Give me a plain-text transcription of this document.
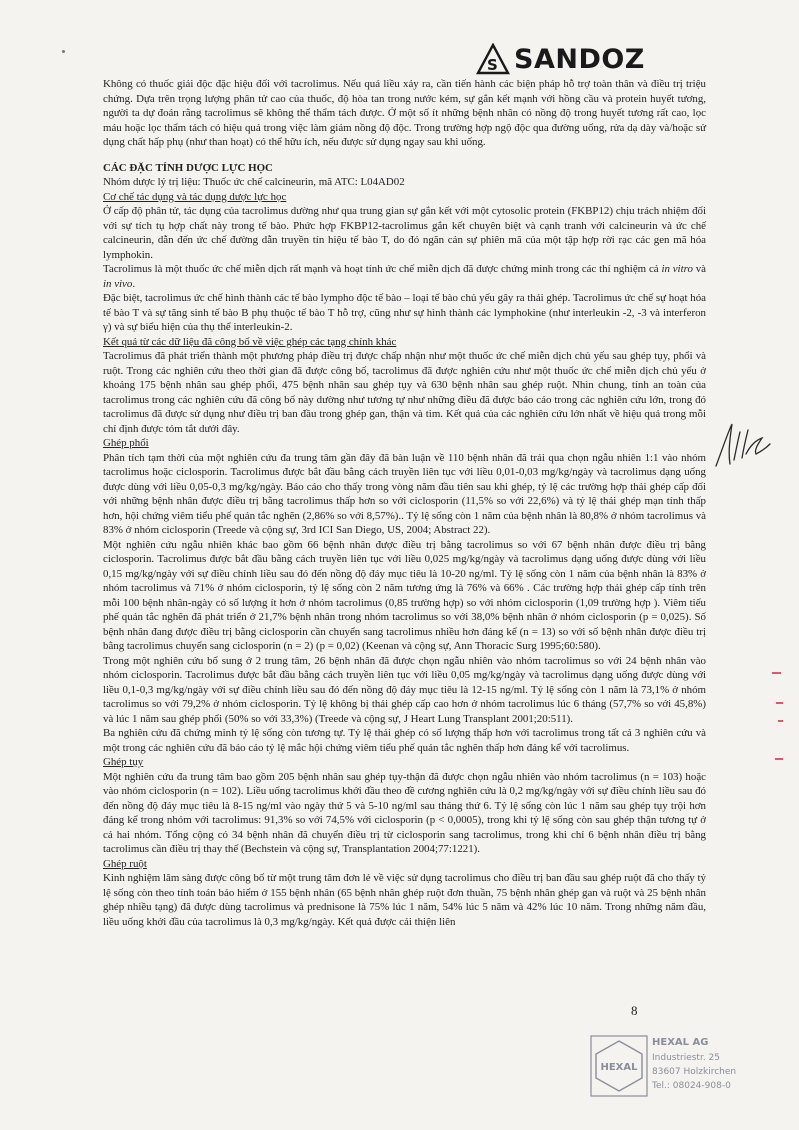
S SANDOZ

Không có thuốc giải độc đặc hiệu đối với tacrolimus. Nếu quá liều xảy ra, cần tiến hành các biện pháp hỗ trợ toàn thân và điều trị triệu chứng. Dựa trên trọng lượng phân tử cao của thuốc, độ hòa tan trong nước kém, sự gắn kết mạnh với hồng cầu và protein huyết tương, người ta dự đoán rằng tacrolimus sẽ không thể thẩm tách được. Ở một số ít những bệnh nhân có nồng độ trong huyết tương rất cao, lọc máu hoặc lọc thẩm tách có hiệu quả trong việc làm giảm nồng độ độc. Trong trường hợp ngộ độc qua đường uống, rửa dạ dày và/hoặc sử dụng chất hấp phụ (như than hoạt) có thể hữu ích, nếu được sử dụng ngay sau khi uống.

CÁC ĐẶC TÍNH DƯỢC LỰC HỌC

Nhóm dược lý trị liệu: Thuốc ức chế calcineurin, mã ATC: L04AD02

Cơ chế tác dụng và tác dụng dược lực học

Ở cấp độ phân tử, tác dụng của tacrolimus dường như qua trung gian sự gắn kết với một cytosolic protein (FKBP12) chịu trách nhiệm đối với sự tích tụ hợp chất này trong tế bào. Phức hợp FKBP12-tacrolimus gắn kết chuyên biệt và cạnh tranh với calcineurin và ức chế calcineurin, dẫn đến ức chế đường dẫn truyền tín hiệu tế bào T, do đó ngăn cản sự phiên mã của một tập hợp rời rạc các gen mã hóa lymphokin.

Tacrolimus là một thuốc ức chế miễn dịch rất mạnh và hoạt tính ức chế miễn dịch đã được chứng minh trong các thí nghiệm cả in vitro và in vivo.

Đặc biệt, tacrolimus ức chế hình thành các tế bào lympho độc tế bào – loại tế bào chủ yếu gây ra thải ghép. Tacrolimus ức chế sự hoạt hóa tế bào T và sự tăng sinh tế bào B phụ thuộc tế bào T hỗ trợ, cũng như sự hình thành các lymphokine (như interleukin -2, -3 và interferon γ) và sự biểu hiện của thụ thể interleukin-2.

Kết quả từ các dữ liệu đã công bố về việc ghép các tạng chính khác

Tacrolimus đã phát triển thành một phương pháp điều trị được chấp nhận như một thuốc ức chế miễn dịch chủ yếu sau ghép tụy, phổi và ruột. Trong các nghiên cứu theo thời gian đã được công bố, tacrolimus đã được nghiên cứu như một thuốc ức chế miễn dịch chủ yếu ở khoảng 175 bệnh nhân sau ghép phổi, 475 bệnh nhân sau ghép tụy và 630 bệnh nhân sau ghép ruột. Nhìn chung, tính an toàn của tacrolimus trong các nghiên cứu đã công bố này dường như tương tự như những điều đã được báo cáo trong các nghiên cứu lớn, trong đó tacrolimus đã được sử dụng như điều trị ban đầu trong ghép gan, thận và tim. Kết quả của các nghiên cứu lớn nhất về hiệu quả trong mỗi chỉ định được tóm tắt dưới đây.

Ghép phổi

Phân tích tạm thời của một nghiên cứu đa trung tâm gần đây đã bàn luận về 110 bệnh nhân đã trải qua chọn ngẫu nhiên 1:1 vào nhóm tacrolimus hoặc ciclosporin. Tacrolimus được bắt đầu bằng cách truyền liên tục với liều 0,01-0,03 mg/kg/ngày và tacrolimus dạng uống được dùng với liều 0,05-0,3 mg/kg/ngày. Báo cáo cho thấy trong vòng năm đầu tiên sau khi ghép, tỷ lệ các trường hợp thải ghép cấp đối với những bệnh nhân được điều trị bằng tacrolimus thấp hơn so với ciclosporin (11,5% so với 22,6%) và tỷ lệ thải ghép mạn tính thấp hơn, hội chứng viêm tiểu phế quản tắc nghẽn (2,86% so với 8,57%).. Tỷ lệ sống còn 1 năm của bệnh nhân là 80,8% ở nhóm tacrolimus và 83% ở nhóm ciclosporin (Treede và cộng sự, 3rd ICI San Diego, US, 2004; Abstract 22).

Một nghiên cứu ngẫu nhiên khác bao gồm 66 bệnh nhân được điều trị bằng tacrolimus so với 67 bệnh nhân được điều trị bằng ciclosporin. Tacrolimus được bắt đầu bằng cách truyền liên tục với liều 0,025 mg/kg/ngày và tacrolimus dạng uống được dùng với liều 0,15 mg/kg/ngày với sự điều chỉnh liều sau đó đến nồng độ đáy mục tiêu là 10-20 ng/ml. Tỷ lệ sống còn 1 năm của bệnh nhân là 83% ở nhóm tacrolimus và 71% ở nhóm ciclosporin, tỷ lệ sống còn 2 năm tương ứng là 76% và 66% . Các trường hợp thải ghép cấp tính trên mỗi 100 bệnh nhân-ngày có số lượng ít hơn ở nhóm tacrolimus (0,85 trường hợp) so với nhóm ciclosporin (1,09 trường hợp ). Viêm tiểu phế quản tắc nghẽn đã phát triển ở 21,7% bệnh nhân trong nhóm tacrolimus so với 38,0% bệnh nhân ở nhóm ciclosporin (p = 0,025). Số bệnh nhân đang được điều trị bằng ciclosporin cần chuyển sang tacrolimus nhiều hơn đáng kể (n = 13) so với số bệnh nhân được điều trị bằng tacrolimus chuyển sang ciclosporin (n = 2) (p = 0,02) (Keenan và cộng sự, Ann Thoracic Surg 1995;60:580).

Trong một nghiên cứu bổ sung ở 2 trung tâm, 26 bệnh nhân đã được chọn ngẫu nhiên vào nhóm tacrolimus so với 24 bệnh nhân vào nhóm ciclosporin. Tacrolimus được bắt đầu bằng cách truyền liên tục với liều 0,05 mg/kg/ngày và tacrolimus dạng uống được dùng với liều 0,1-0,3 mg/kg/ngày với sự điều chỉnh liều sau đó đến nồng độ đáy mục tiêu là 12-15 ng/ml. Tỷ lệ sống còn 1 năm là 73,1% ở nhóm tacrolimus so với 79,2% ở nhóm ciclosporin. Tỷ lệ không bị thải ghép cấp cao hơn ở nhóm tacrolimus lúc 6 tháng (57,7% so với 45,8%) và lúc 1 năm sau ghép phổi (50% so với 33,3%) (Treede và cộng sự, J Heart Lung Transplant 2001;20:511).

Ba nghiên cứu đã chứng minh tỷ lệ sống còn tương tự. Tỷ lệ thải ghép có số lượng thấp hơn với tacrolimus trong tất cả 3 nghiên cứu và một trong các nghiên cứu đã báo cáo tỷ lệ mắc hội chứng viêm tiểu phế quản tắc nghẽn thấp hơn đáng kể với tacrolimus.

Ghép tụy

Một nghiên cứu đa trung tâm bao gồm 205 bệnh nhân sau ghép tụy-thận đã được chọn ngẫu nhiên vào nhóm tacrolimus (n = 103) hoặc vào nhóm ciclosporin (n = 102). Liều uống tacrolimus khởi đầu theo đề cương nghiên cứu là 0,2 mg/kg/ngày với sự điều chỉnh liều sau đó đến nồng độ đáy mục tiêu là 8-15 ng/ml vào ngày thứ 5 và 5-10 ng/ml sau tháng thứ 6. Tỷ lệ sống còn lúc 1 năm sau ghép tụy trội hơn đáng kể trong nhóm với tacrolimus: 91,3% so với 74,5% với ciclosporin (p < 0,0005), trong khi tỷ lệ sống còn sau ghép thận tương tự ở cả hai nhóm. Tổng cộng có 34 bệnh nhân đã chuyển điều trị từ ciclosporin sang tacrolimus, trong khi chỉ 6 bệnh nhân điều trị bằng tacrolimus cần điều trị thay thế (Bechstein và cộng sự, Transplantation 2004;77:1221).

Ghép ruột

Kinh nghiệm lâm sàng được công bố từ một trung tâm đơn lẻ về việc sử dụng tacrolimus cho điều trị ban đầu sau ghép ruột đã cho thấy tỷ lệ sống còn theo tính toán bảo hiểm ở 155 bệnh nhân (65 bệnh nhân ghép ruột đơn thuần, 75 bệnh nhân ghép gan và ruột và 25 bệnh nhân ghép nhiều tạng) đã được dùng tacrolimus và prednisone là 75% lúc 1 năm, 54% lúc 5 năm và 42% lúc 10 năm. Trong những năm đầu, liều uống khởi đầu của tacrolimus là 0,3 mg/kg/ngày. Kết quả được cải thiện liên

8
HEXAL
HEXAL AG
Industriestr. 25
83607 Holzkirchen
Tel.: 08024-908-0
